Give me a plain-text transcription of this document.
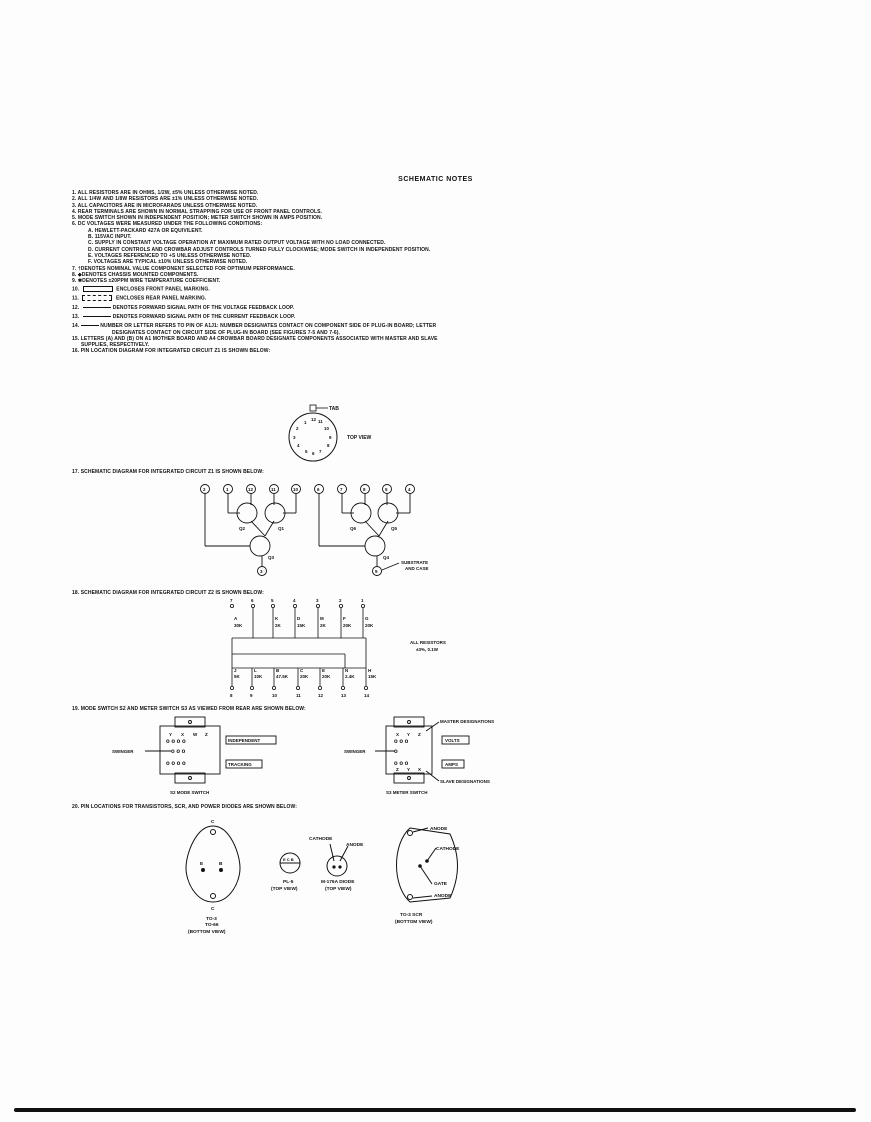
SCHEMATIC NOTES
1. ALL RESISTORS ARE IN OHMS, 1/2W, ±5% UNLESS OTHERWISE NOTED.
2. ALL 1/4W AND 1/8W RESISTORS ARE ±1% UNLESS OTHERWISE NOTED.
3. ALL CAPACITORS ARE IN MICROFARADS UNLESS OTHERWISE NOTED.
4. REAR TERMINALS ARE SHOWN IN NORMAL STRAPPING FOR USE OF FRONT PANEL CONTROLS.
5. MODE SWITCH SHOWN IN INDEPENDENT POSITION; METER SWITCH SHOWN IN AMPS POSITION.
6. DC VOLTAGES WERE MEASURED UNDER THE FOLLOWING CONDITIONS:
A. HEWLETT-PACKARD 427A OR EQUIVILENT.
B. 115VAC INPUT.
C. SUPPLY IN CONSTANT VOLTAGE OPERATION AT MAXIMUM RATED OUTPUT VOLTAGE WITH NO LOAD CONNECTED.
D. CURRENT CONTROLS AND CROWBAR ADJUST CONTROLS TURNED FULLY CLOCKWISE; MODE SWITCH IN INDEPENDENT POSITION.
E. VOLTAGES REFERENCED TO +S UNLESS OTHERWISE NOTED.
F. VOLTAGES ARE TYPICAL ±10% UNLESS OTHERWISE NOTED.
7. †DENOTES NOMINAL VALUE COMPONENT SELECTED FOR OPTIMUM PERFORMANCE.
8. ◆DENOTES CHASSIS MOUNTED COMPONENTS.
9. ✱DENOTES ±20PPM WIRE TEMPERATURE COEFFICIENT.
10.	ENCLOSES FRONT PANEL MARKING.
11.	ENCLOSES REAR PANEL MARKING.
12.	DENOTES FORWARD SIGNAL PATH OF THE VOLTAGE FEEDBACK LOOP.
13.	DENOTES FORWARD SIGNAL PATH OF THE CURRENT FEEDBACK LOOP.
14.	NUMBER OR LETTER REFERS TO PIN OF A1J1: NUMBER DESIGNATES CONTACT ON COMPONENT SIDE OF PLUG-IN BOARD; LETTER
DESIGNATES CONTACT ON CIRCUIT SIDE OF PLUG-IN BOARD (SEE FIGURES 7-5 AND 7-6).
15. LETTERS (A) AND (B) ON A1 MOTHER BOARD AND A4 CROWBAR BOARD DESIGNATE COMPONENTS ASSOCIATED WITH MASTER AND SLAVE
SUPPLIES, RESPECTIVELY.
16. PIN LOCATION DIAGRAM FOR INTEGRATED CIRCUIT Z1 IS SHOWN BELOW:
TAB
12
1	11
2	10
3	9
4	8
5 6 7
TOP VIEW
17. SCHEMATIC DIAGRAM FOR INTEGRATED CIRCUIT Z1 IS SHOWN BELOW:
2	1	12	11	10	6	7	8	5	4
3	9
Q2	Q1
Q3
Q6	Q5
Q4
SUBSTRATE
AND CASE
18. SCHEMATIC DIAGRAM FOR INTEGRATED CIRCUIT Z2 IS SHOWN BELOW:
7	6	5	4	3	2	1
A
30K
K
2K
D
15K
M
2K
F
20K
G
20K
J
5K
L
10K
B
47.5K
C
20K
E
20K
N
2.4K
H
15K
8	9	10	11	12	13	14
ALL RESISTORS
±3%, 0.1W
19. MODE SWITCH S2 AND METER SWITCH S3 AS VIEWED FROM REAR ARE SHOWN BELOW:
Y X W Z
o o o o
o o o
o o o o
SWINGER
INDEPENDENT
TRACKING
S2 MODE SWITCH
X Y Z
o o o
o
o o o
Z Y X
SWINGER
VOLTS
AMPS
MASTER DESIGNATIONS
SLAVE DESIGNATIONS
S3 METER SWITCH
20. PIN LOCATIONS FOR TRANSISTORS, SCR, AND POWER DIODES ARE SHOWN BELOW:
C
E	B
C
TO-3
TO-66
(BOTTOM VIEW)
E C B
PL-5
(TOP VIEW)
CATHODE
ANODE
M-176A DIODE
(TOP VIEW)
ANODE
CATHODE
GATE
ANODE
TO-3 SCR
(BOTTOM VIEW)
